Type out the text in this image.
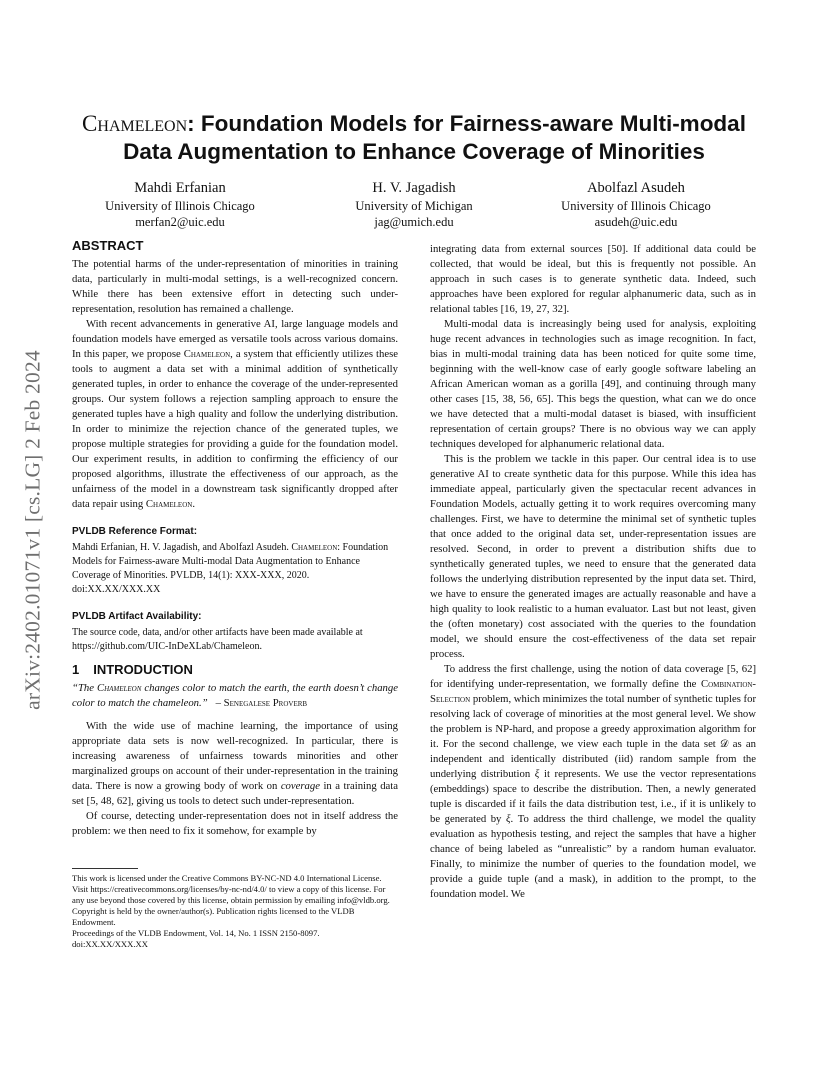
arXiv:2402.01071v1 [cs.LG] 2 Feb 2024
Chameleon: Foundation Models for Fairness-aware Multi-modal
Data Augmentation to Enhance Coverage of Minorities
Mahdi Erfanian
University of Illinois Chicago
merfan2@uic.edu
H. V. Jagadish
University of Michigan
jag@umich.edu
Abolfazl Asudeh
University of Illinois Chicago
asudeh@uic.edu
ABSTRACT

The potential harms of the under-representation of minorities in training data, particularly in multi-modal settings, is a well-recognized concern. While there has been extensive effort in detecting such under-representation, resolution has remained a challenge.

With recent advancements in generative AI, large language models and foundation models have emerged as versatile tools across various domains. In this paper, we propose Chameleon, a system that efficiently utilizes these tools to augment a data set with a minimal addition of synthetically generated tuples, in order to enhance the coverage of the under-represented groups. Our system follows a rejection sampling approach to ensure the generated tuples have a high quality and follow the underlying distribution. In order to minimize the rejection chance of the generated tuples, we propose multiple strategies for providing a guide for the foundation model. Our experiment results, in addition to confirming the efficiency of our proposed algorithms, illustrate the effectiveness of our approach, as the unfairness of the model in a downstream task significantly dropped after data repair using Chameleon.

PVLDB Reference Format:
Mahdi Erfanian, H. V. Jagadish, and Abolfazl Asudeh. Chameleon: Foundation Models for Fairness-aware Multi-modal Data Augmentation to Enhance Coverage of Minorities. PVLDB, 14(1): XXX-XXX, 2020.
doi:XX.XX/XXX.XX
PVLDB Artifact Availability:
The source code, data, and/or other artifacts have been made available at https://github.com/UIC-InDeXLab/Chameleon.
1 INTRODUCTION
“The Chameleon changes color to match the earth, the earth doesn’t change color to match the chameleon.” – Senegalese Proverb

With the wide use of machine learning, the importance of using appropriate data sets is now well-recognized. In particular, there is increasing awareness of unfairness towards minorities and other marginalized groups on account of their under-representation in the training data. There is now a growing body of work on coverage in a training data set [5, 48, 62], giving us tools to detect such under-representation.

Of course, detecting under-representation does not in itself address the problem: we then need to fix it somehow, for example by

This work is licensed under the Creative Commons BY-NC-ND 4.0 International License. Visit https://creativecommons.org/licenses/by-nc-nd/4.0/ to view a copy of this license. For any use beyond those covered by this license, obtain permission by emailing info@vldb.org. Copyright is held by the owner/author(s). Publication rights licensed to the VLDB Endowment.

Proceedings of the VLDB Endowment, Vol. 14, No. 1 ISSN 2150-8097.

doi:XX.XX/XXX.XX

integrating data from external sources [50]. If additional data could be collected, that would be ideal, but this is frequently not possible. An approach in such cases is to generate synthetic data. Indeed, such approaches have been explored for regular alphanumeric data, such as in relational tables [16, 19, 27, 32].

Multi-modal data is increasingly being used for analysis, exploiting huge recent advances in technologies such as image recognition. In fact, bias in multi-modal training data has been noticed for quite some time, beginning with the well-know case of early google software labeling an African American woman as a gorilla [49], and continuing through many other cases [15, 38, 56, 65]. This begs the question, what can we do once we have detected that a multi-modal dataset is biased, with insufficient representation of certain groups? There is no obvious way we can apply techniques developed for alphanumeric relational data.

This is the problem we tackle in this paper. Our central idea is to use generative AI to create synthetic data for this purpose. While this idea has immediate appeal, particularly given the spectacular recent advances in Foundation Models, actually getting it to work requires overcoming many challenges. First, we have to determine the minimal set of synthetic tuples that once added to the original data set, under-representation issues are resolved. Second, in order to prevent a distribution shifts due to synthetically generated tuples, we need to ensure that the generated data follows the underlying distribution represented by the input data set. Third, we have to ensure the generated images are actually reasonable and have a high quality to look realistic to a human evaluator. Last but not least, given the (often monetary) cost associated with the queries to the foundation model, we should ensure the cost-effectiveness of the data set repair process.

To address the first challenge, using the notion of data coverage [5, 62] for identifying under-representation, we formally define the Combination-Selection problem, which minimizes the total number of synthetic tuples for resolving lack of coverage of minorities at the most general level. We show the problem is NP-hard, and propose a greedy approximation algorithm for it. For the second challenge, we view each tuple in the data set 𝒟 as an independent and identically distributed (iid) random sample from the underlying distribution ξ it represents. We use the vector representations (embeddings) space to describe the distribution. Then, a newly generated tuple is discarded if it fails the data distribution test, i.e., if it is unlikely to be generated by ξ. To address the third challenge, we model the quality evaluation as hypothesis testing, and reject the samples that have a higher chance of being labeled as “unrealistic” by a random human evaluator. Finally, to minimize the number of queries to the foundation model, we provide a guide tuple (and a mask), in addition to the prompt, to the foundation model. We
